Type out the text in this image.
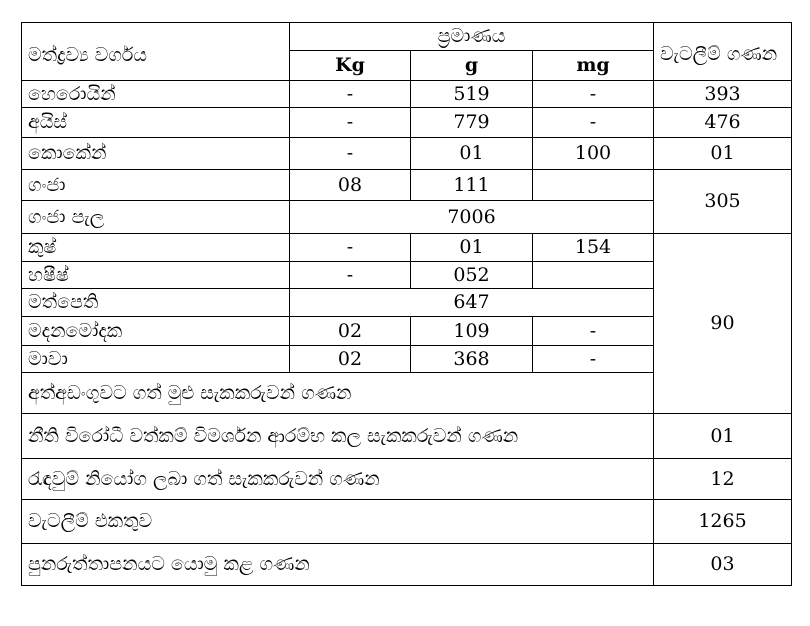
මත්ද්‍රව්‍ය වර්ගය	ප්‍රමාණය			වැටලීම් ගණන	
	Kg	g	mg		
හෙරොයින්	-	519	-	393	
අයිස්	-	779	-	476	
කොකේන්	-	01	100	01	
ගංජා	08	111		305	
ගංජා පැල	7006				
කුෂ්	-	01	154	90	
හෂීෂ්	-	052			
මත්පෙති	647				
මදනමෝදක	02	109	-		
මාවා	02	368	-		
අත්අඩංගුවට ගත් මුළු සැකකරුවන් ගණන	
නීති විරෝධී වත්කම් විමර්ශන ආරම්භ කල සැකකරුවන් ගණන				01	
රැඳවුම් නියෝග ලබා ගත් සැකකරුවන් ගණන				12	
වැටලීම් එකතුව				1265	
පුනරුත්තාපනයට යොමු කළ ගණන				03	
